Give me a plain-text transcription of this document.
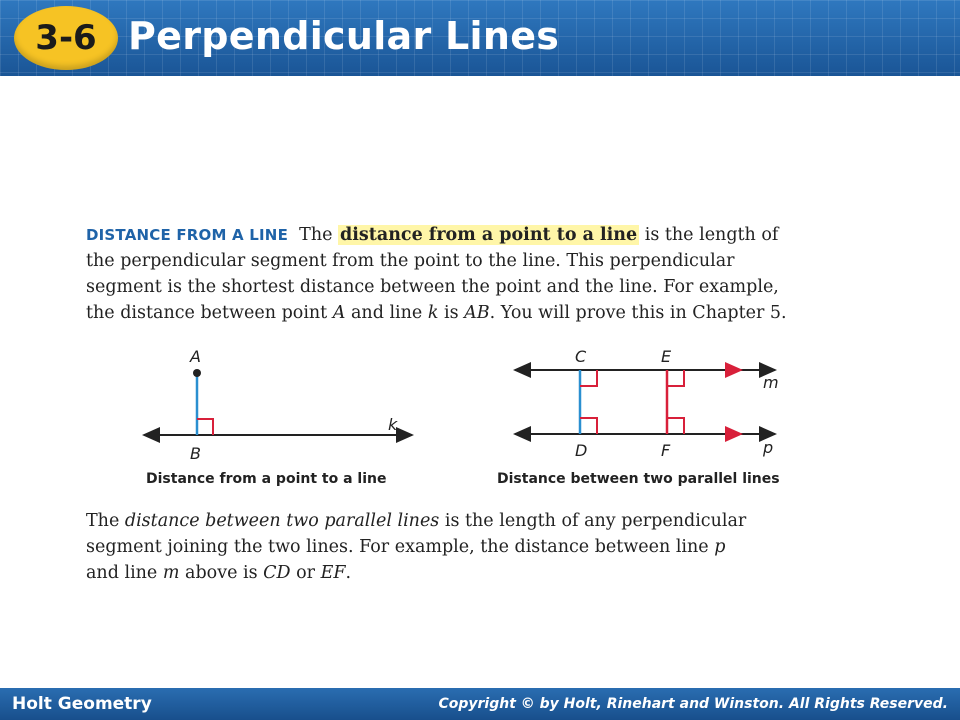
3-6 Perpendicular Lines
DISTANCE FROM A LINE The distance from a point to a line is the length of
the perpendicular segment from the point to the line. This perpendicular
segment is the shortest distance between the point and the line. For example,
the distance between point A and line k is AB. You will prove this in Chapter 5.
A
B
k
Distance from a point to a line
C	E
D	F
m
p
Distance between two parallel lines
The distance between two parallel lines is the length of any perpendicular
segment joining the two lines. For example, the distance between line p
and line m above is CD or EF.
Holt Geometry	Copyright © by Holt, Rinehart and Winston. All Rights Reserved.
